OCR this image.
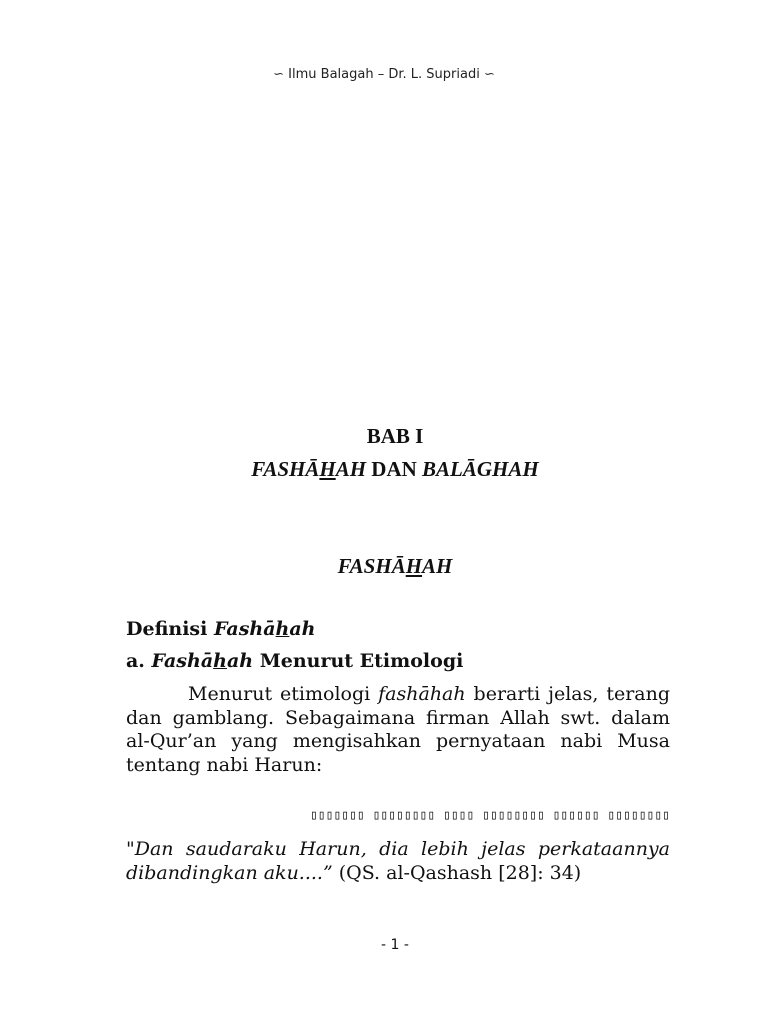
∽ Ilmu Balagah – Dr. L. Supriadi ∽
BAB I
FASHĀHAH DAN BALĀGHAH
FASHĀHAH
Definisi Fashāhah
a. Fashāhah Menurut Etimologi
Menurut etimologi fashāhah berarti jelas, terang dan gamblang. Sebagaimana firman Allah swt. dalam al-Qur’an yang mengisahkan pernyataan nabi Musa tentang nabi Harun:
▯▯▯▯▯▯▯ ▯▯▯▯▯▯▯▯ ▯▯▯▯ ▯▯▯▯▯▯▯▯ ▯▯▯▯▯▯ ▯▯▯▯▯▯▯▯
"Dan saudaraku Harun, dia lebih jelas perkataannya dibandingkan aku....” (QS. al-Qashash [28]: 34)
- 1 -
